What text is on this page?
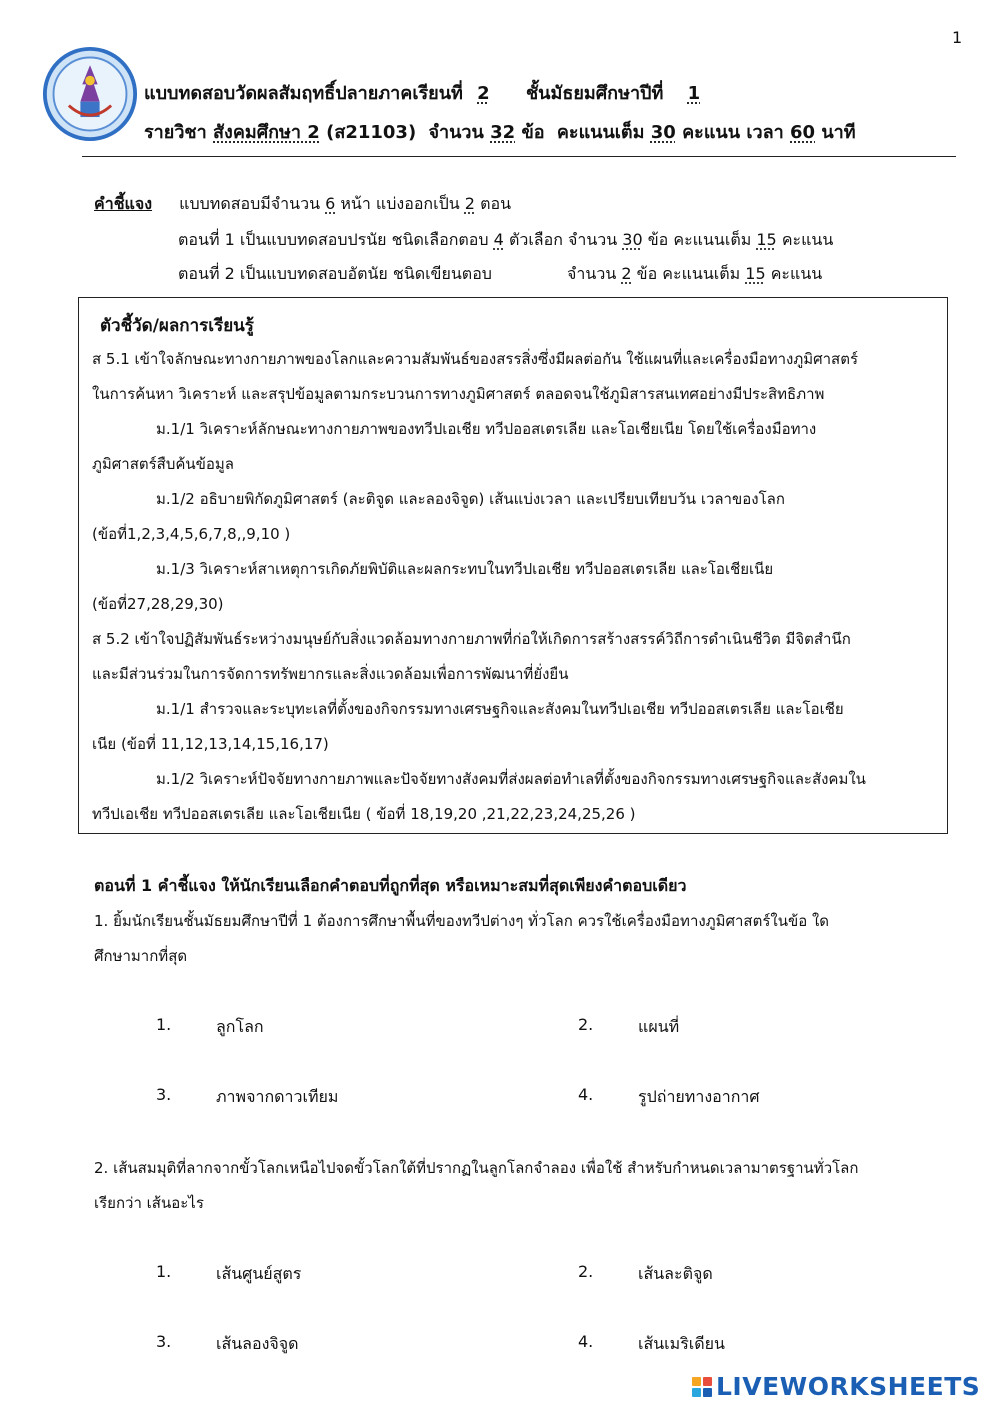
1
แบบทดสอบวัดผลสัมฤทธิ์ปลายภาคเรียนที่ 2 ชั้นมัธยมศึกษาปีที่ 1
รายวิชา สังคมศึกษา 2 (ส21103) จำนวน 32 ข้อ คะแนนเต็ม 30 คะแนน เวลา 60 นาที
คำชี้แจง แบบทดสอบมีจำนวน 6 หน้า แบ่งออกเป็น 2 ตอน
ตอนที่ 1 เป็นแบบทดสอบปรนัย ชนิดเลือกตอบ 4 ตัวเลือก จำนวน 30 ข้อ คะแนนเต็ม 15 คะแนน
ตอนที่ 2 เป็นแบบทดสอบอัตนัย ชนิดเขียนตอบ	จำนวน 2 ข้อ คะแนนเต็ม 15 คะแนน
ตัวชี้วัด/ผลการเรียนรู้
ส 5.1 เข้าใจลักษณะทางกายภาพของโลกและความสัมพันธ์ของสรรสิ่งซึ่งมีผลต่อกัน ใช้แผนที่และเครื่องมือทางภูมิศาสตร์
ในการค้นหา วิเคราะห์ และสรุปข้อมูลตามกระบวนการทางภูมิศาสตร์ ตลอดจนใช้ภูมิสารสนเทศอย่างมีประสิทธิภาพ
ม.1/1 วิเคราะห์ลักษณะทางกายภาพของทวีปเอเชีย ทวีปออสเตรเลีย และโอเชียเนีย โดยใช้เครื่องมือทาง
ภูมิศาสตร์สืบค้นข้อมูล
ม.1/2 อธิบายพิกัดภูมิศาสตร์ (ละติจูด และลองจิจูด) เส้นแบ่งเวลา และเปรียบเทียบวัน เวลาของโลก
(ข้อที่1,2,3,4,5,6,7,8,,9,10 )
ม.1/3 วิเคราะห์สาเหตุการเกิดภัยพิบัติและผลกระทบในทวีปเอเชีย ทวีปออสเตรเลีย และโอเชียเนีย
(ข้อที่27,28,29,30)
ส 5.2 เข้าใจปฏิสัมพันธ์ระหว่างมนุษย์กับสิ่งแวดล้อมทางกายภาพที่ก่อให้เกิดการสร้างสรรค์วิถีการดำเนินชีวิต มีจิตสำนึก
และมีส่วนร่วมในการจัดการทรัพยากรและสิ่งแวดล้อมเพื่อการพัฒนาที่ยั่งยืน
ม.1/1 สำรวจและระบุทะเลที่ตั้งของกิจกรรมทางเศรษฐกิจและสังคมในทวีปเอเชีย ทวีปออสเตรเลีย และโอเชีย
เนีย (ข้อที่ 11,12,13,14,15,16,17)
ม.1/2 วิเคราะห์ปัจจัยทางกายภาพและปัจจัยทางสังคมที่ส่งผลต่อทำเลที่ตั้งของกิจกรรมทางเศรษฐกิจและสังคมใน
ทวีปเอเชีย ทวีปออสเตรเลีย และโอเชียเนีย ( ข้อที่ 18,19,20 ,21,22,23,24,25,26 )
ตอนที่ 1 คำชี้แจง ให้นักเรียนเลือกคำตอบที่ถูกที่สุด หรือเหมาะสมที่สุดเพียงคำตอบเดียว
1. ยิ้มนักเรียนชั้นมัธยมศึกษาปีที่ 1 ต้องการศึกษาพื้นที่ของทวีปต่างๆ ทั่วโลก ควรใช้เครื่องมือทางภูมิศาสตร์ในข้อ ใด
ศึกษามากที่สุด
1.	ลูกโลก	2.	แผนที่
3.	ภาพจากดาวเทียม	4.	รูปถ่ายทางอากาศ
2. เส้นสมมุติที่ลากจากขั้วโลกเหนือไปจดขั้วโลกใต้ที่ปรากฏในลูกโลกจำลอง เพื่อใช้ สำหรับกำหนดเวลามาตรฐานทั่วโลก
เรียกว่า เส้นอะไร
1.	เส้นศูนย์สูตร	2.	เส้นละติจูด
3.	เส้นลองจิจูด	4.	เส้นเมริเดียน
LIVEWORKSHEETS
